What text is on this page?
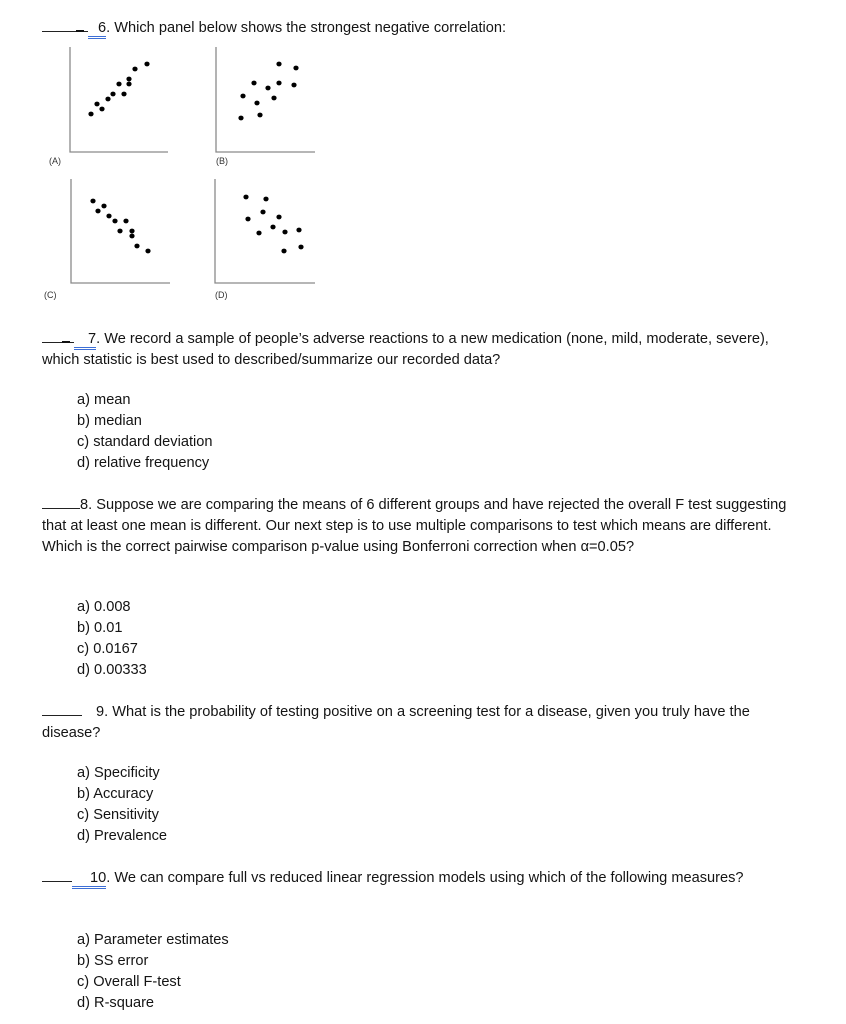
6. Which panel below shows the strongest negative correlation:
(A)	(B)
(C)	(D)
7. We record a sample of people’s adverse reactions to a new medication (none, mild, moderate, severe), which statistic is best used to described/summarize our recorded data?
a) mean
b) median
c) standard deviation
d) relative frequency
8. Suppose we are comparing the means of 6 different groups and have rejected the overall F test suggesting that at least one mean is different. Our next step is to use multiple comparisons to test which means are different. Which is the correct pairwise comparison p-value using Bonferroni correction when α=0.05?
a) 0.008
b) 0.01
c) 0.0167
d) 0.00333
9. What is the probability of testing positive on a screening test for a disease, given you truly have the disease?
a) Specificity
b) Accuracy
c) Sensitivity
d) Prevalence
10. We can compare full vs reduced linear regression models using which of the following measures?
a) Parameter estimates
b) SS error
c) Overall F-test
d) R-square
